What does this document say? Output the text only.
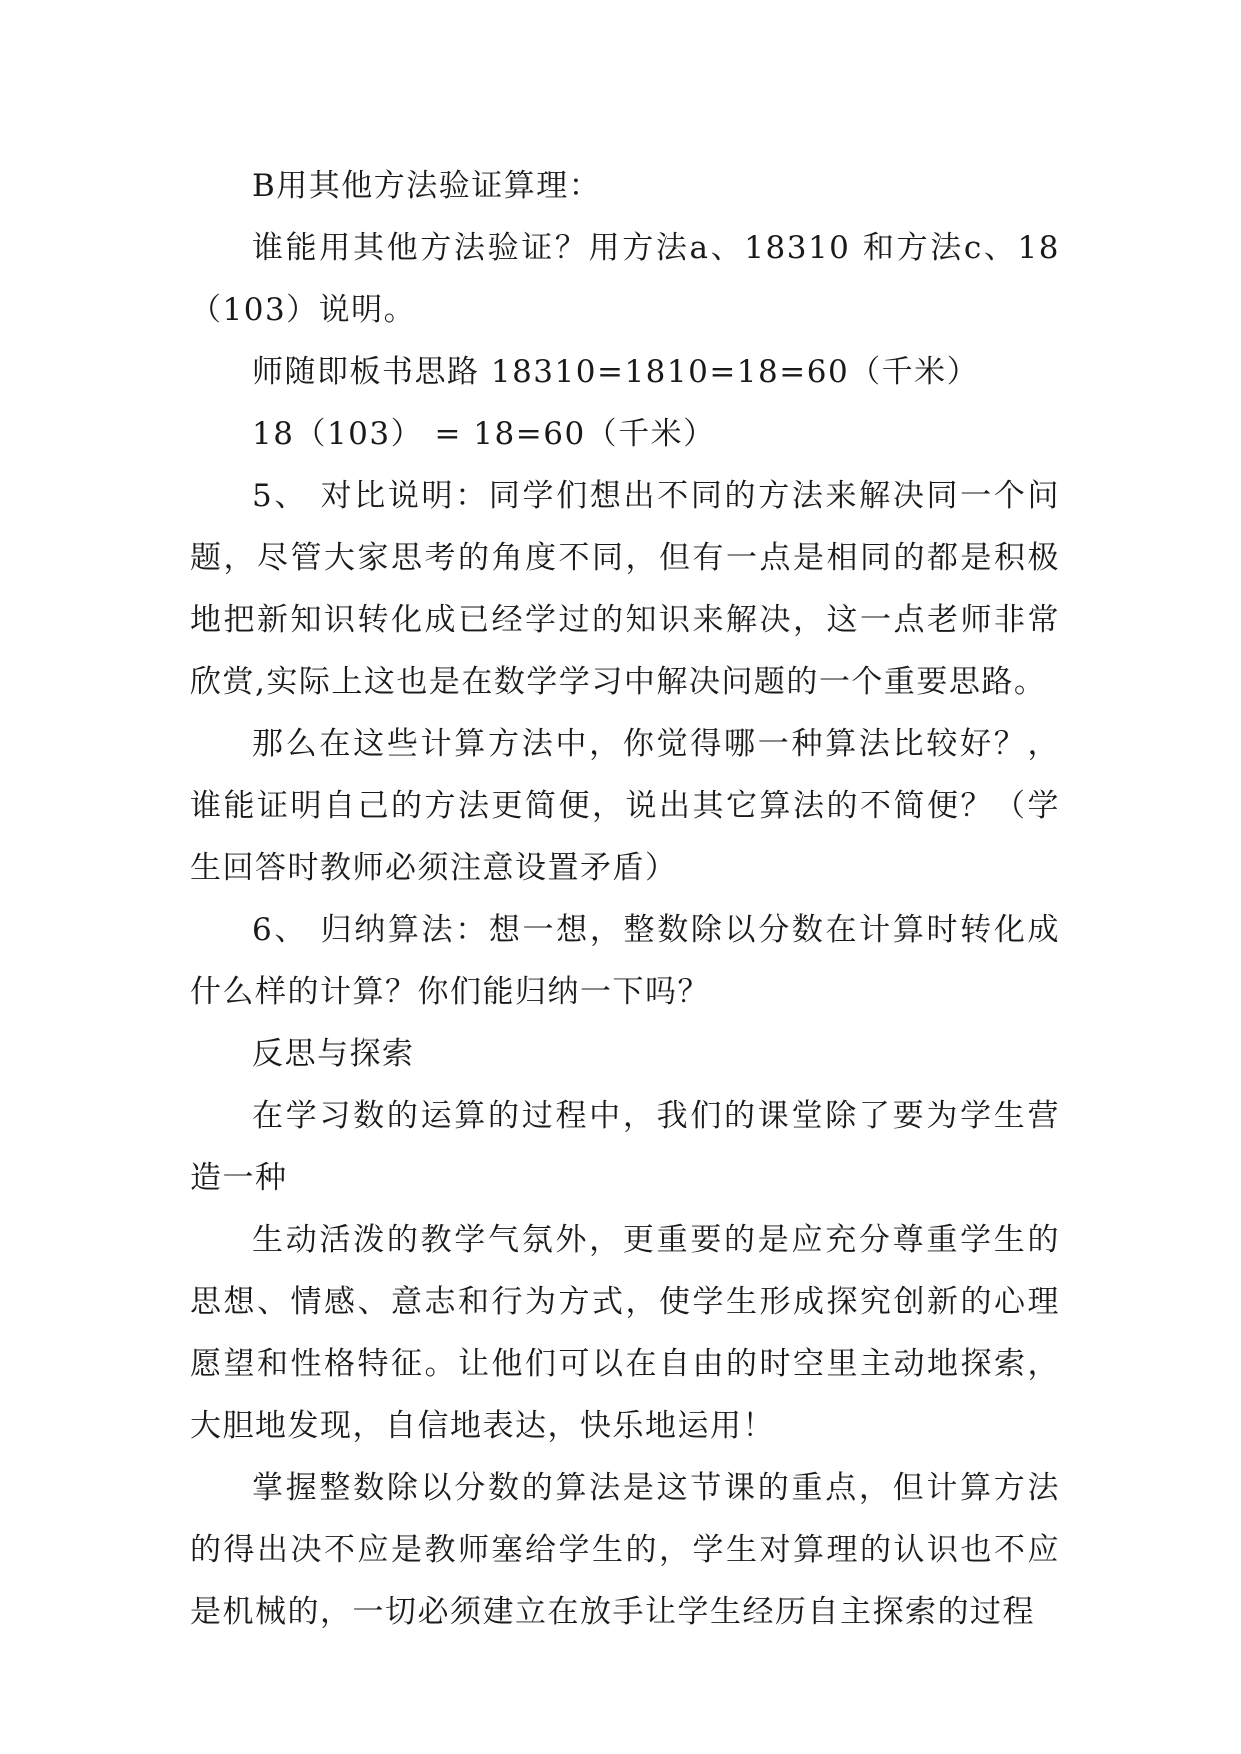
B用其他方法验证算理：

谁能用其他方法验证？用方法a、18310 和方法c、18（103）说明。

师随即板书思路 18310=1810=18=60（千米）

18（103） = 18=60（千米）

5、 对比说明：同学们想出不同的方法来解决同一个问题，尽管大家思考的角度不同，但有一点是相同的都是积极地把新知识转化成已经学过的知识来解决，这一点老师非常欣赏,实际上这也是在数学学习中解决问题的一个重要思路。

那么在这些计算方法中，你觉得哪一种算法比较好？，谁能证明自己的方法更简便，说出其它算法的不简便？（学生回答时教师必须注意设置矛盾）

6、 归纳算法：想一想，整数除以分数在计算时转化成什么样的计算？你们能归纳一下吗？

反思与探索

在学习数的运算的过程中，我们的课堂除了要为学生营造一种

生动活泼的教学气氛外，更重要的是应充分尊重学生的思想、情感、意志和行为方式，使学生形成探究创新的心理愿望和性格特征。让他们可以在自由的时空里主动地探索，大胆地发现，自信地表达，快乐地运用！

掌握整数除以分数的算法是这节课的重点，但计算方法的得出决不应是教师塞给学生的，学生对算理的认识也不应是机械的，一切必须建立在放手让学生经历自主探索的过程
